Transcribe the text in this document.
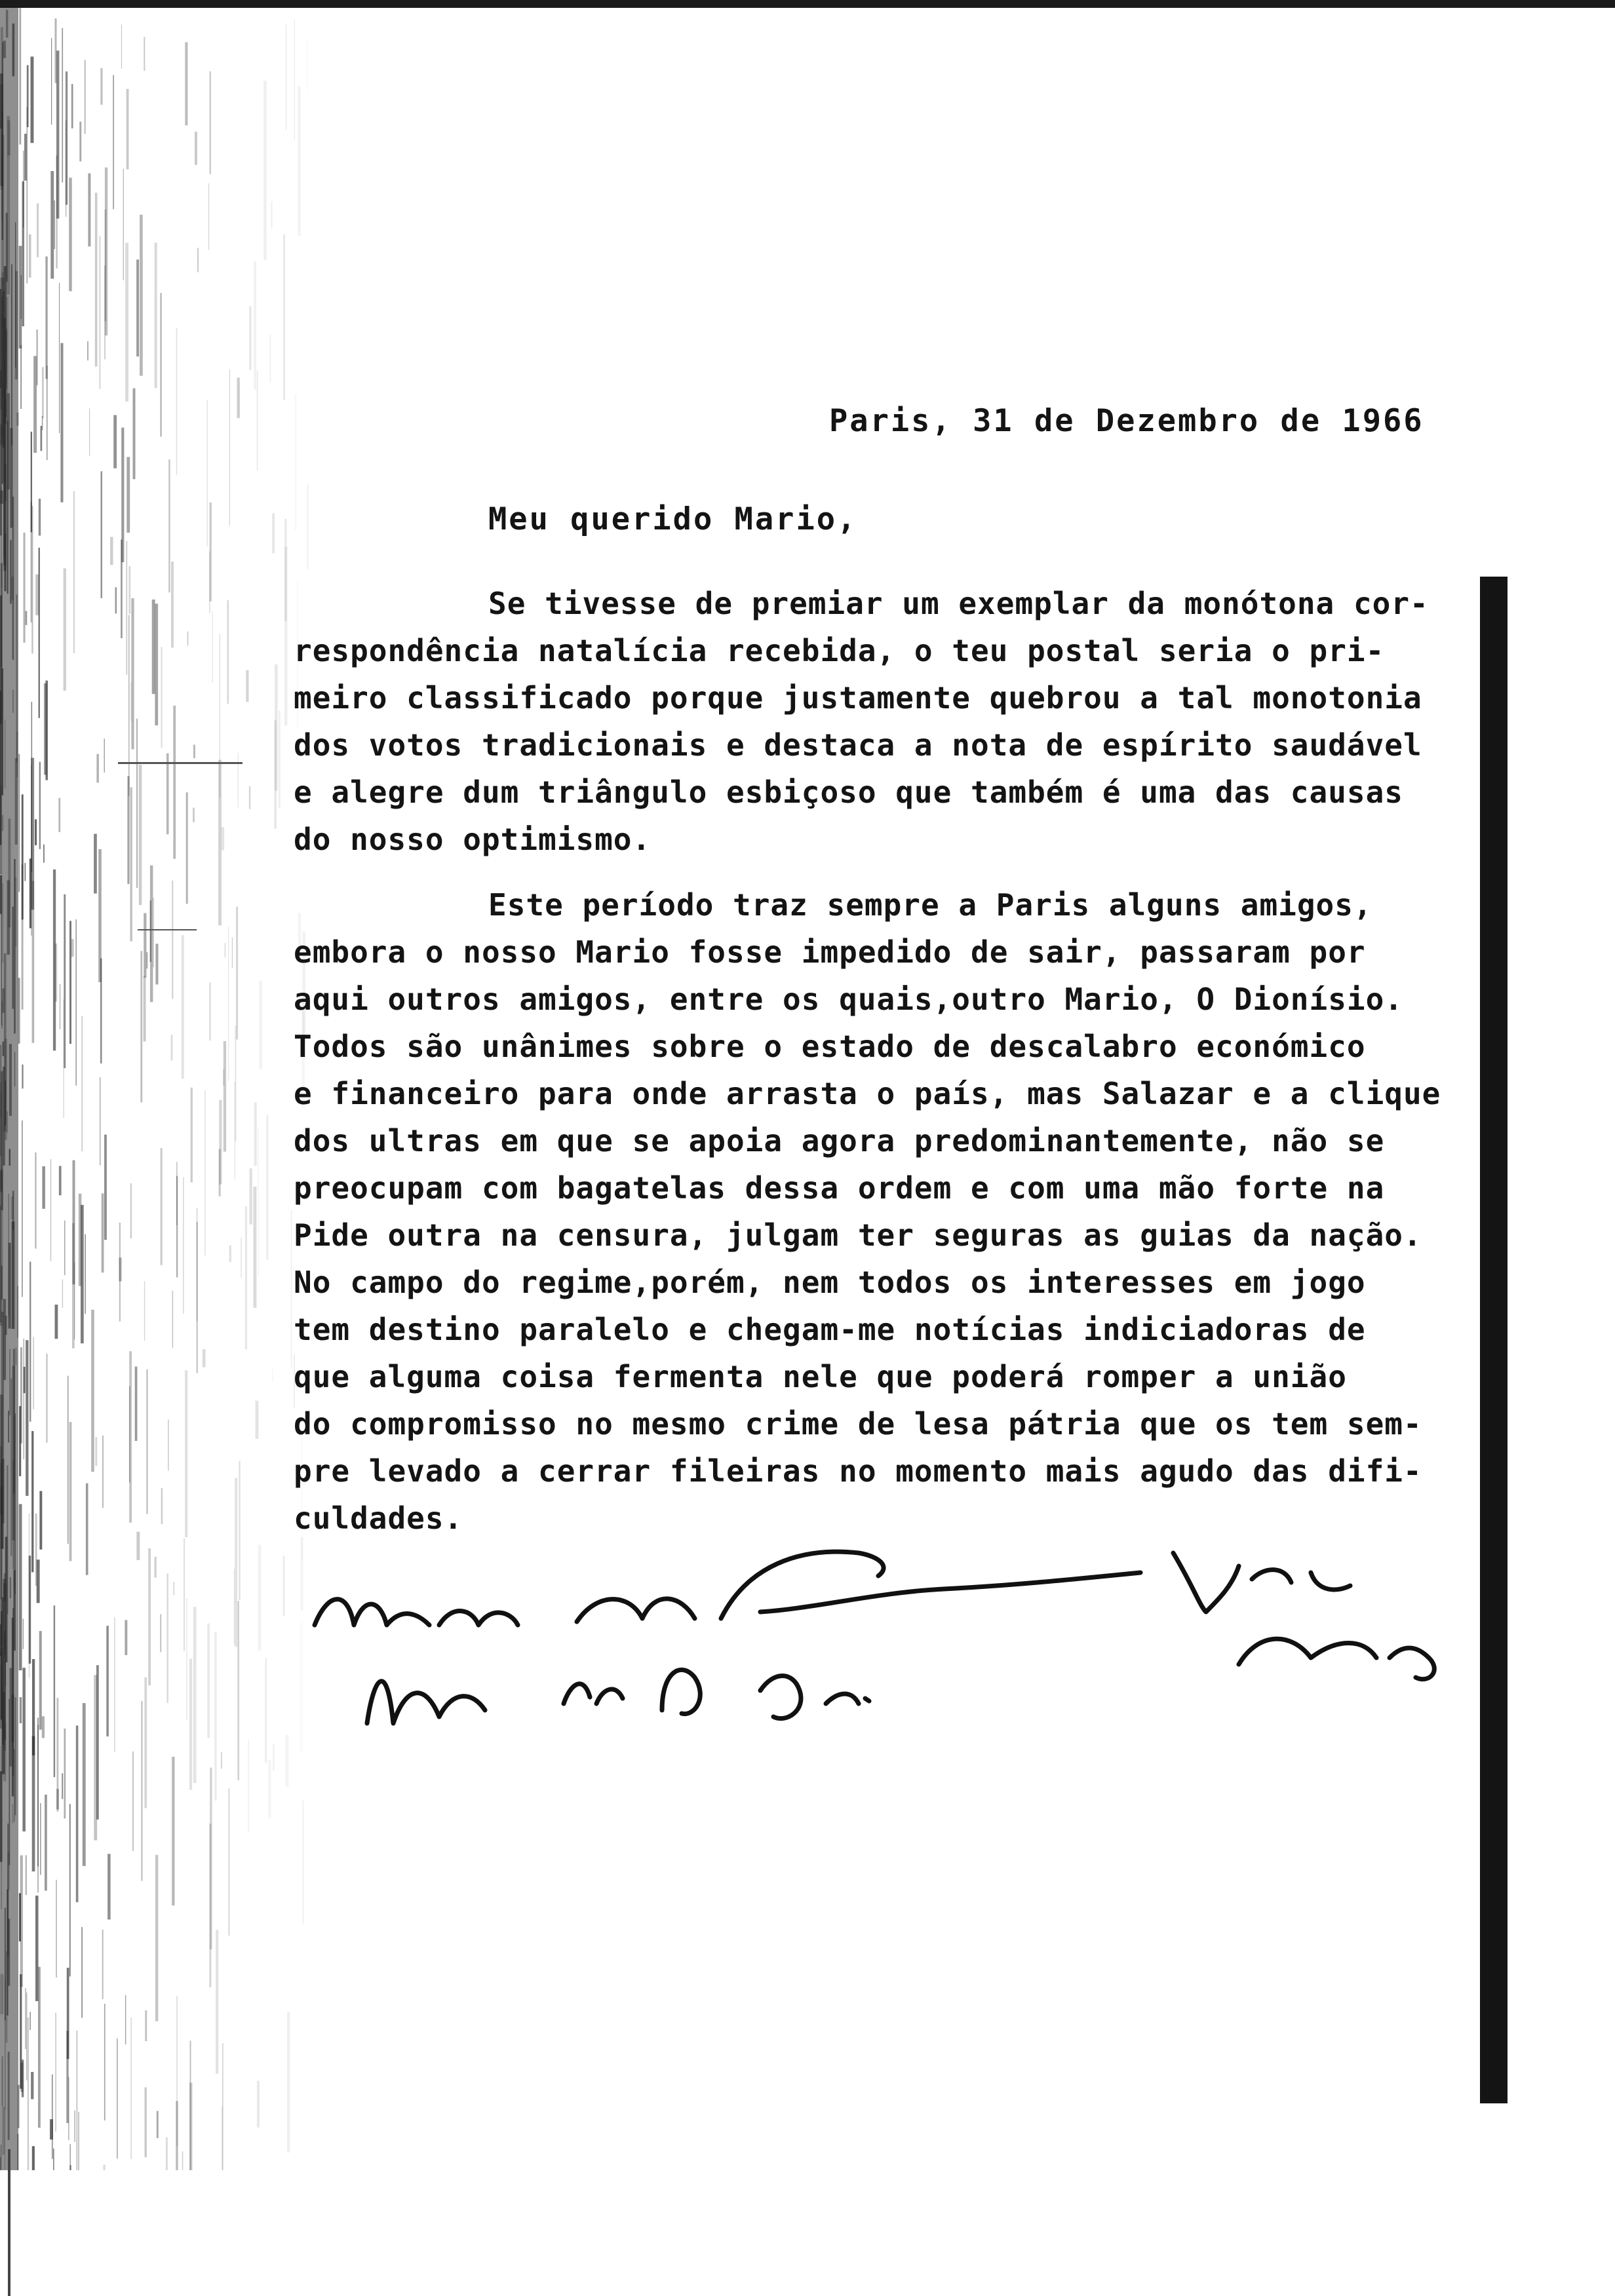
Paris, 31 de Dezembro de 1966
Meu querido Mario,

Se tivesse de premiar um exemplar da monótona cor-
respondência natalícia recebida, o teu postal seria o pri-
meiro classificado porque justamente quebrou a tal monotonia
dos votos tradicionais e destaca a nota de espírito saudável
e alegre dum triângulo esbiçoso que também é uma das causas
do nosso optimismo.

Este período traz sempre a Paris alguns amigos,
embora o nosso Mario fosse impedido de sair, passaram por
aqui outros amigos, entre os quais,outro Mario, O Dionísio.
Todos são unânimes sobre o estado de descalabro económico
e financeiro para onde arrasta o país, mas Salazar e a clique
dos ultras em que se apoia agora predominantemente, não se
preocupam com bagatelas dessa ordem e com uma mão forte na
Pide outra na censura, julgam ter seguras as guias da nação.
No campo do regime,porém, nem todos os interesses em jogo
tem destino paralelo e chegam-me notícias indiciadoras de
que alguma coisa fermenta nele que poderá romper a união
do compromisso no mesmo crime de lesa pátria que os tem sem-
pre levado a cerrar fileiras no momento mais agudo das difi-
culdades.
